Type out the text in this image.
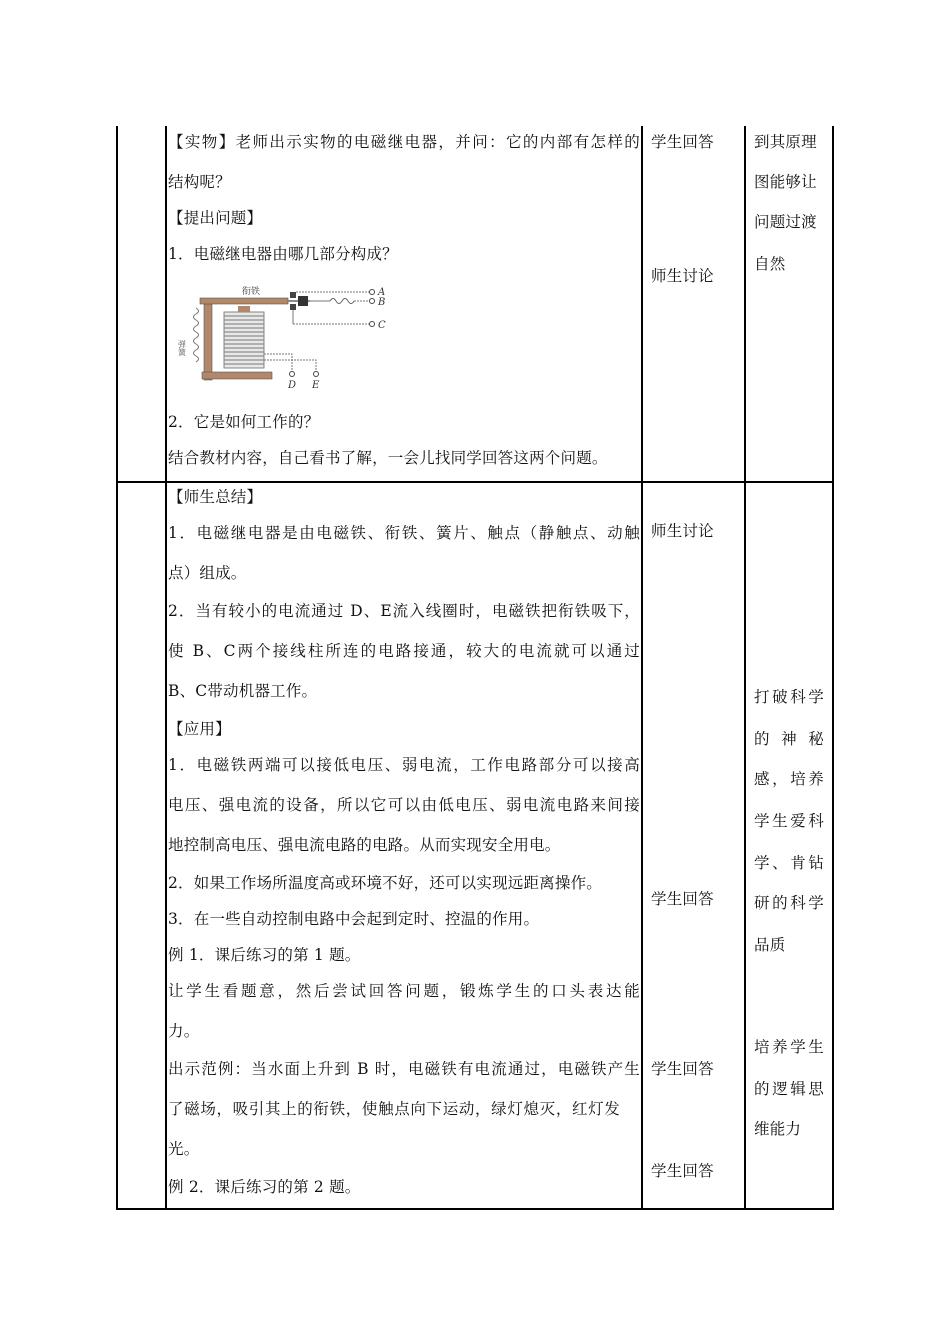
【实物】老师出示实物的电磁继电器，并问：它的内部有怎样的
结构呢？
【提出问题】
1．电磁继电器由哪几部分构成？
衔铁
弹簧
A
B
C
D E
2．它是如何工作的？
结合教材内容，自己看书了解，一会儿找同学回答这两个问题。
学生回答
师生讨论
到其原理
图能够让
问题过渡
自然
【师生总结】
1．电磁继电器是由电磁铁、衔铁、簧片、触点（静触点、动触
点）组成。
2．当有较小的电流通过 D、E流入线圈时，电磁铁把衔铁吸下，
使 B、C两个接线柱所连的电路接通，较大的电流就可以通过
B、C带动机器工作。
【应用】
1．电磁铁两端可以接低电压、弱电流，工作电路部分可以接高
电压、强电流的设备，所以它可以由低电压、弱电流电路来间接
地控制高电压、强电流电路的电路。从而实现安全用电。
2．如果工作场所温度高或环境不好，还可以实现远距离操作。
3．在一些自动控制电路中会起到定时、控温的作用。
例 1．课后练习的第 1 题。
让学生看题意，然后尝试回答问题，锻炼学生的口头表达能
力。
出示范例：当水面上升到 B 时，电磁铁有电流通过，电磁铁产生
了磁场，吸引其上的衔铁，使触点向下运动，绿灯熄灭，红灯发
光。
例 2．课后练习的第 2 题。
师生讨论
学生回答
学生回答
学生回答
打破科学
的 神 秘
感，培养
学生爱科
学、肯钻
研的科学
品质
培养学生
的逻辑思
维能力
